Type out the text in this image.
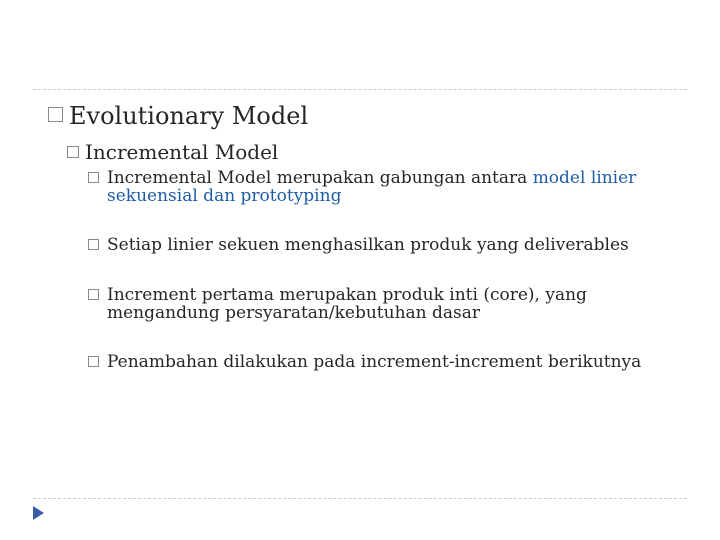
Evolutionary Model
Incremental Model
Incremental Model merupakan gabungan antara model linier sekuensial dan prototyping
Setiap linier sekuen menghasilkan produk yang deliverables
Increment pertama merupakan produk inti (core), yang mengandung persyaratan/kebutuhan dasar
Penambahan dilakukan pada increment-increment berikutnya
